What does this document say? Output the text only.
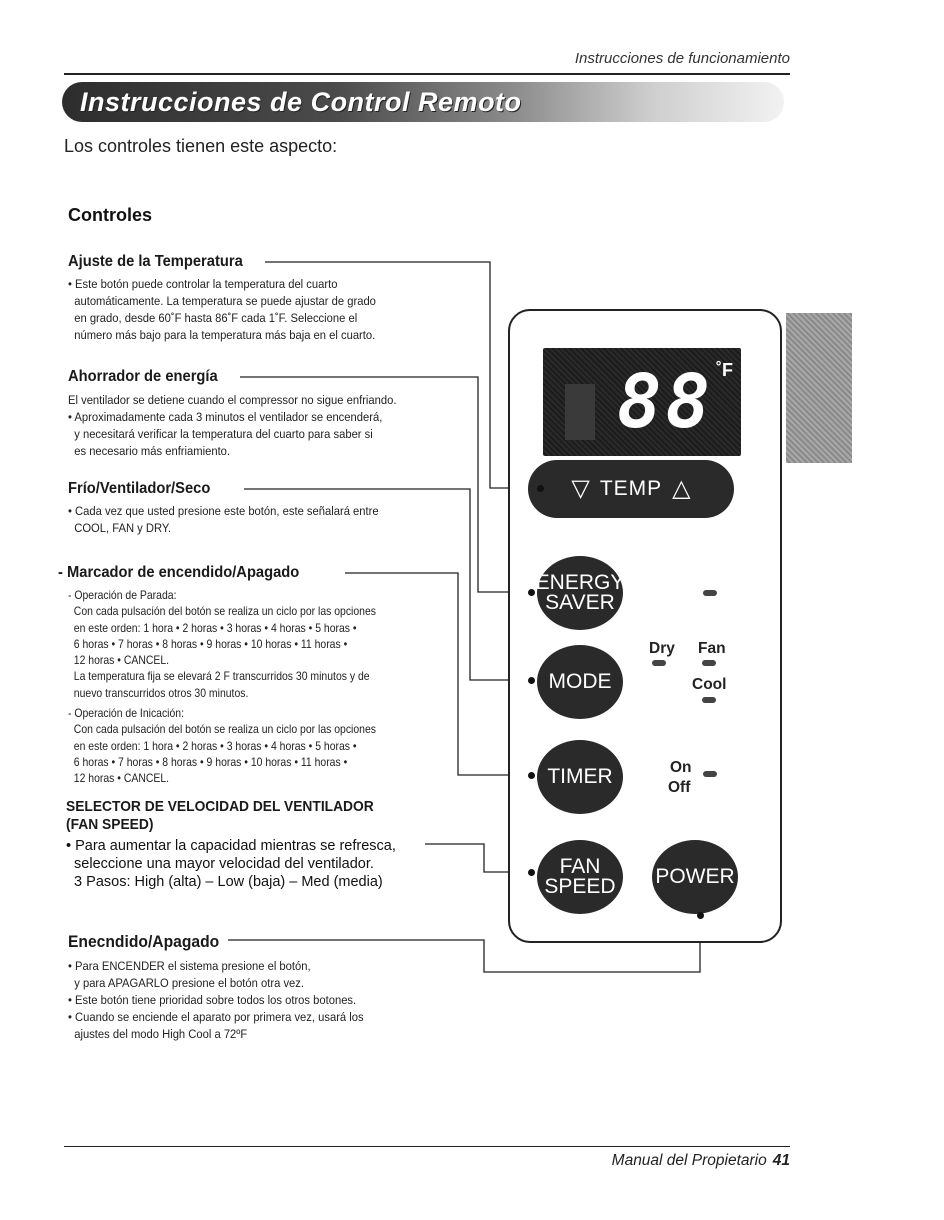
Instrucciones de funcionamiento
Instrucciones de Control Remoto
Los controles tienen este aspecto:
Controles
Ajuste de la Temperatura
• Este botón puede controlar la temperatura del cuarto
automáticamente. La temperatura se puede ajustar de grado
en grado, desde 60˚F hasta 86˚F cada 1˚F. Seleccione el
número más bajo para la temperatura más baja en el cuarto.
Ahorrador de energía
El ventilador se detiene cuando el compressor no sigue enfriando.
• Aproximadamente cada 3 minutos el ventilador se encenderá,
y necesitará verificar la temperatura del cuarto para saber si
es necesario más enfriamiento.
Frío/Ventilador/Seco
• Cada vez que usted presione este botón, este señalará entre
COOL, FAN y DRY.
- Marcador de encendido/Apagado
- Operación de Parada:
Con cada pulsación del botón se realiza un ciclo por las opciones
en este orden: 1 hora • 2 horas • 3 horas • 4 horas • 5 horas •
6 horas • 7 horas • 8 horas • 9 horas • 10 horas • 11 horas •
12 horas • CANCEL.
La temperatura fija se elevará 2 F transcurridos 30 minutos y de
nuevo transcurridos otros 30 minutos.
- Operación de Inicación:
Con cada pulsación del botón se realiza un ciclo por las opciones
en este orden: 1 hora • 2 horas • 3 horas • 4 horas • 5 horas •
6 horas • 7 horas • 8 horas • 9 horas • 10 horas • 11 horas •
12 horas • CANCEL.
SELECTOR DE VELOCIDAD DEL VENTILADOR
(FAN SPEED)
• Para aumentar la capacidad mientras se refresca,
seleccione una mayor velocidad del ventilador.
3 Pasos: High (alta) – Low (baja) – Med (media)
Enecndido/Apagado
• Para ENCENDER el sistema presione el botón,
y para APAGARLO presione el botón otra vez.
• Este botón tiene prioridad sobre todos los otros botones.
• Cuando se enciende el aparato por primera vez, usará los
ajustes del modo High Cool a 72ºF
88 ˚F
▽ TEMP △
ENERGY
SAVER
MODE
TIMER
FAN
SPEED	POWER
Dry Fan
Cool
On
Off
ESPAÑOL
Manual del Propietario 41
